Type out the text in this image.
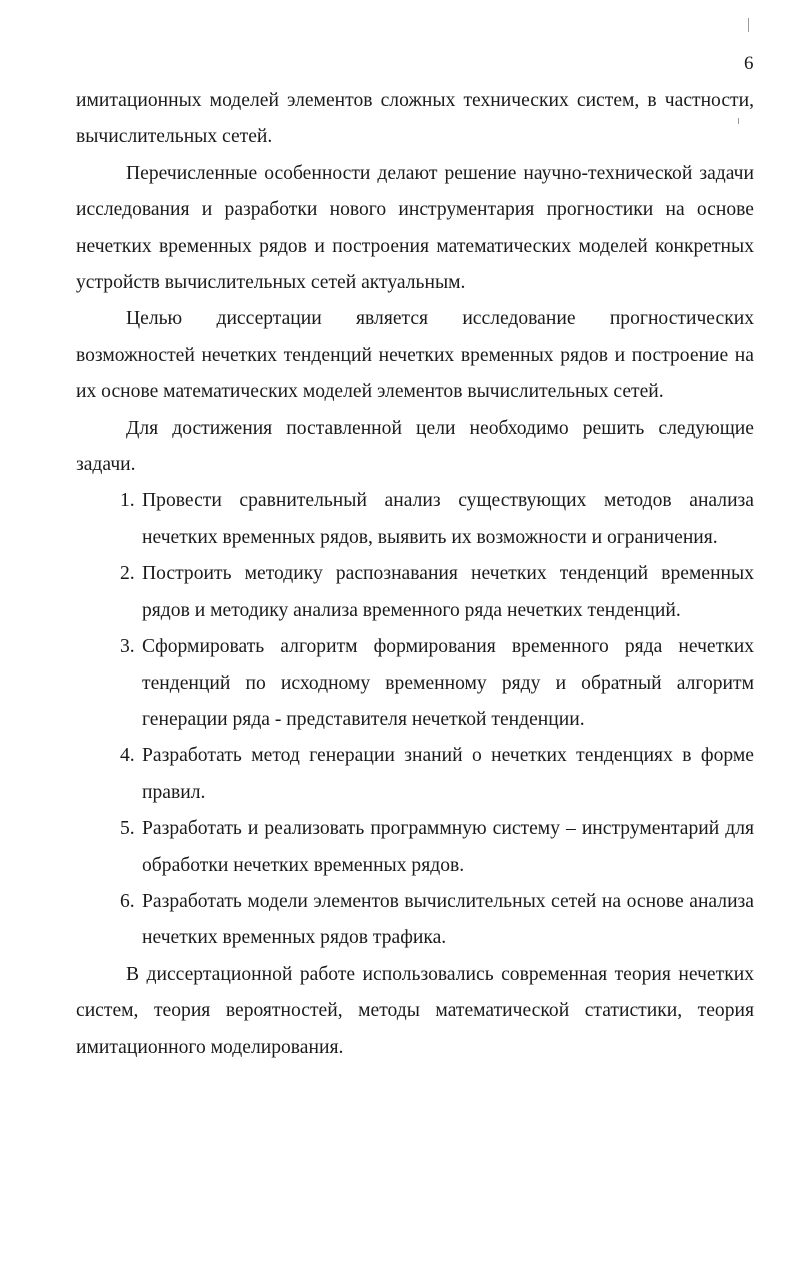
6

имитационных моделей элементов сложных технических систем, в частности, вычислительных сетей.

Перечисленные особенности делают решение научно-технической задачи исследования и разработки нового инструментария прогностики на основе нечетких временных рядов и построения математических моделей конкретных устройств вычислительных сетей актуальным.

Целью диссертации является исследование прогностических возможностей нечетких тенденций нечетких временных рядов и построение на их основе математических моделей элементов вычислительных сетей.

Для достижения поставленной цели необходимо решить следующие задачи.

1. Провести сравнительный анализ существующих методов анализа нечетких временных рядов, выявить их возможности и ограничения.
2. Построить методику распознавания нечетких тенденций временных рядов и методику анализа временного ряда нечетких тенденций.
3. Сформировать алгоритм формирования временного ряда нечетких тенденций по исходному временному ряду и обратный алгоритм генерации ряда - представителя нечеткой тенденции.
4. Разработать метод генерации знаний о нечетких тенденциях в форме правил.
5. Разработать и реализовать программную систему – инструментарий для обработки нечетких временных рядов.
6. Разработать модели элементов вычислительных сетей на основе анализа нечетких временных рядов трафика.

В диссертационной работе использовались современная теория нечетких систем, теория вероятностей, методы математической статистики, теория имитационного моделирования.
